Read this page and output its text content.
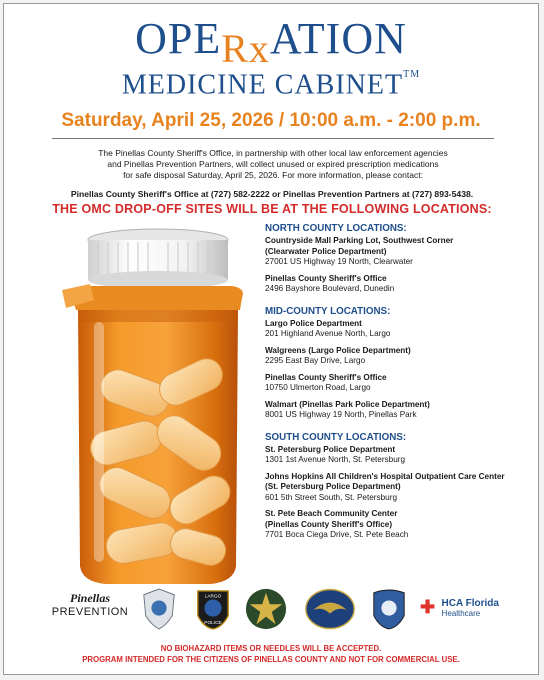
OPERxATION
MEDICINE CABINET™
Saturday, April 25, 2026 / 10:00 a.m. - 2:00 p.m.
The Pinellas County Sheriff's Office, in partnership with other local law enforcement agencies
and Pinellas Prevention Partners, will collect unused or expired prescription medications
for safe disposal Saturday, April 25, 2026. For more information, please contact:
Pinellas County Sheriff's Office at (727) 582-2222 or Pinellas Prevention Partners at (727) 893-5438.
THE OMC DROP-OFF SITES WILL BE AT THE FOLLOWING LOCATIONS:
NORTH COUNTY LOCATIONS:
Countryside Mall Parking Lot, Southwest Corner
(Clearwater Police Department)
27001 US Highway 19 North, Clearwater
Pinellas County Sheriff's Office
2496 Bayshore Boulevard, Dunedin
MID-COUNTY LOCATIONS:
Largo Police Department
201 Highland Avenue North, Largo
Walgreens (Largo Police Department)
2295 East Bay Drive, Largo
Pinellas County Sheriff's Office
10750 Ulmerton Road, Largo
Walmart (Pinellas Park Police Department)
8001 US Highway 19 North, Pinellas Park
SOUTH COUNTY LOCATIONS:
St. Petersburg Police Department
1301 1st Avenue North, St. Petersburg
Johns Hopkins All Children's Hospital Outpatient Care Center
(St. Petersburg Police Department)
601 5th Street South, St. Petersburg
St. Pete Beach Community Center
(Pinellas County Sheriff's Office)
7701 Boca Ciega Drive, St. Pete Beach
Pinellas
PREVENTION
LARGO
POLICE
✚ HCA Florida
Healthcare
NO BIOHAZARD ITEMS OR NEEDLES WILL BE ACCEPTED.
PROGRAM INTENDED FOR THE CITIZENS OF PINELLAS COUNTY AND NOT FOR COMMERCIAL USE.
